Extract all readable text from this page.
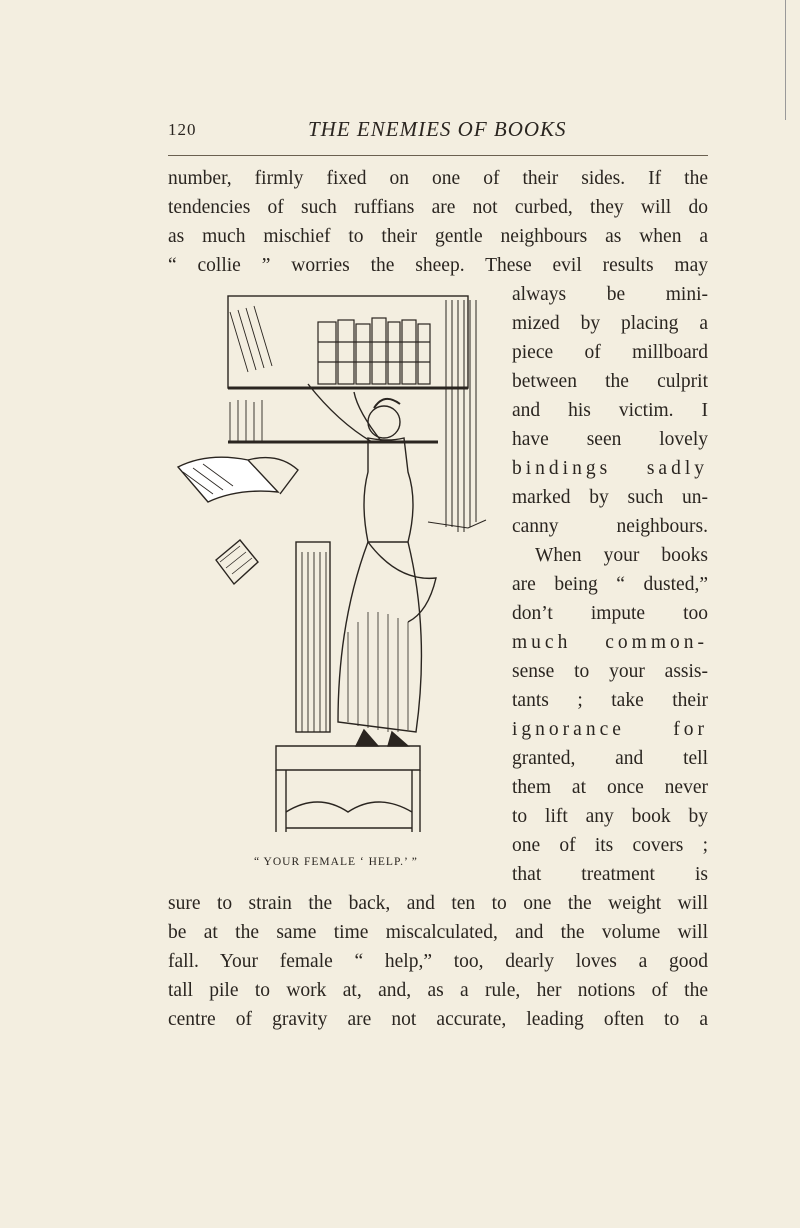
120	THE ENEMIES OF BOOKS
number, firmly fixed on one of their sides. If the
tendencies of such ruffians are not curbed, they will do
as much mischief to their gentle neighbours as when a
“ collie ” worries the sheep. These evil results may
always be mini-
mized by placing a
piece of millboard
between the culprit
and his victim. I
have seen lovely
bindings sadly
marked by such un-
canny neighbours.
When your books
are being “ dusted,”
don’t impute too
much common-
sense to your assis-
tants ; take their
ignorance for
granted, and tell
them at once never
to lift any book by
one of its covers ;
that treatment is
sure to strain the back, and ten to one the weight will
be at the same time miscalculated, and the volume will
fall. Your female “ help,” too, dearly loves a good
tall pile to work at, and, as a rule, her notions of the
centre of gravity are not accurate, leading often to a
“ YOUR FEMALE ‘ HELP.’ ”
